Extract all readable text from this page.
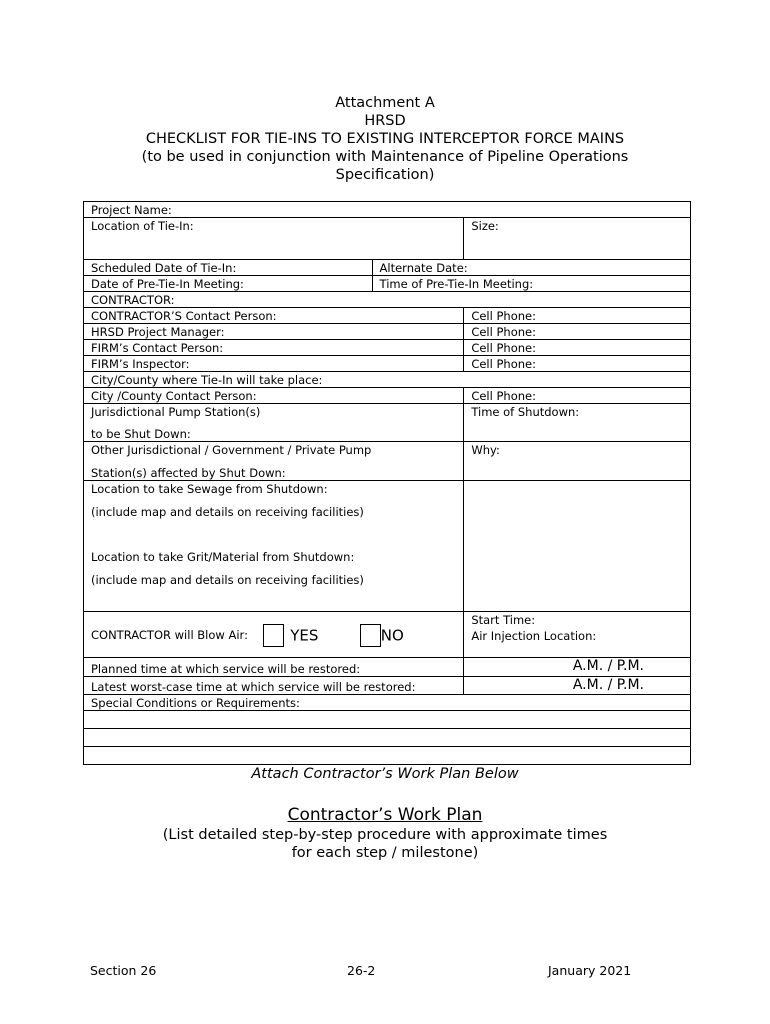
Attachment A
HRSD
CHECKLIST FOR TIE-INS TO EXISTING INTERCEPTOR FORCE MAINS
(to be used in conjunction with Maintenance of Pipeline Operations
Specification)
Project Name:		
Location of Tie-In:		Size:
Scheduled Date of Tie-In:	Alternate Date:	
Date of Pre-Tie-In Meeting:	Time of Pre-Tie-In Meeting:	
CONTRACTOR:		
CONTRACTOR’S Contact Person:		Cell Phone:
HRSD Project Manager:		Cell Phone:
FIRM’s Contact Person:		Cell Phone:
FIRM’s Inspector:		Cell Phone:
City/County where Tie-In will take place:		
City /County Contact Person:		Cell Phone:

Jurisdictional Pump Station(s)
to be Shut Down:		Time of Shutdown:

Other Jurisdictional / Government / Private Pump
Station(s) affected by Shut Down:		Why:

Location to take Sewage from Shutdown:
(include map and details on receiving facilities)
Location to take Grit/Material from Shutdown:
(include map and details on receiving facilities)		

CONTRACTOR will Blow Air: YES NO		Start Time:
Air Injection Location:

Planned time at which service will be restored:		A.M. / P.M.
Latest worst-case time at which service will be restored:		A.M. / P.M.
Special Conditions or Requirements:		

Attach Contractor’s Work Plan Below
Contractor’s Work Plan
(List detailed step-by-step procedure with approximate times
for each step / milestone)
Section 26	26-2	January 2021
